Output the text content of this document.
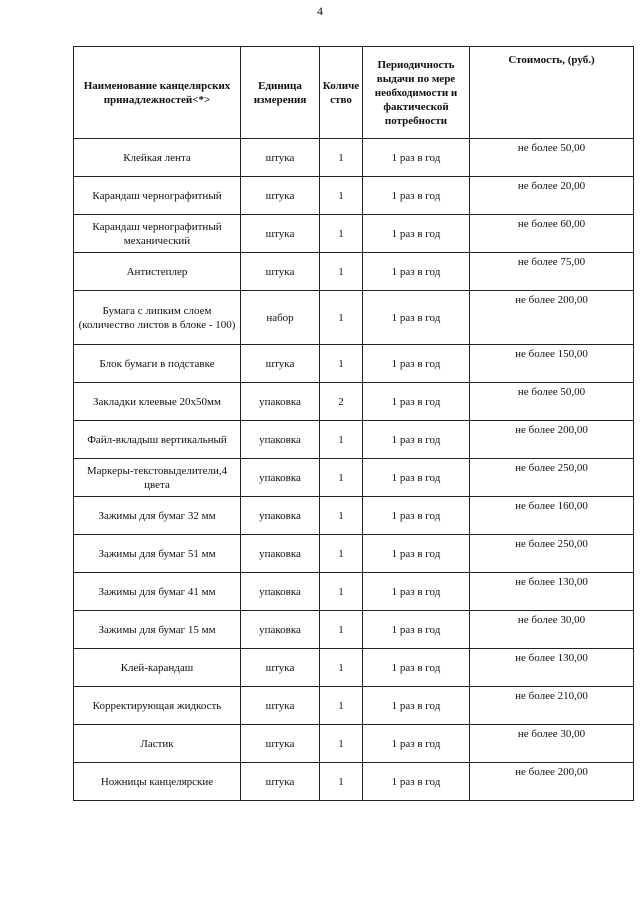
4
Наименование канцелярских принадлежностей<*>	Единица измерения	Количе ство	Периодичность выдачи по мере необходимости и фактической потребности	Стоимость, (руб.)
Клейкая лента	штука	1	1 раз в год	не более 50,00
Карандаш чернографитный	штука	1	1 раз в год	не более 20,00
Карандаш чернографитный механический	штука	1	1 раз в год	не более 60,00
Антистеплер	штука	1	1 раз в год	не более 75,00
Бумага с липким слоем (количество листов в блоке - 100)	набор	1	1 раз в год	не более 200,00
Блок бумаги в подставке	штука	1	1 раз в год	не более 150,00
Закладки клеевые 20х50мм	упаковка	2	1 раз в год	не более 50,00
Файл-вкладыш вертикальный	упаковка	1	1 раз в год	не более 200,00
Маркеры-текстовыделители,4 цвета	упаковка	1	1 раз в год	не более 250,00
Зажимы для бумаг 32 мм	упаковка	1	1 раз в год	не более 160,00
Зажимы для бумаг 51 мм	упаковка	1	1 раз в год	не более 250,00
Зажимы для бумаг 41 мм	упаковка	1	1 раз в год	не более 130,00
Зажимы для бумаг 15 мм	упаковка	1	1 раз в год	не более 30,00
Клей-карандаш	штука	1	1 раз в год	не более 130,00
Корректирующая жидкость	штука	1	1 раз в год	не более 210,00
Ластик	штука	1	1 раз в год	не более 30,00
Ножницы канцелярские	штука	1	1 раз в год	не более 200,00
